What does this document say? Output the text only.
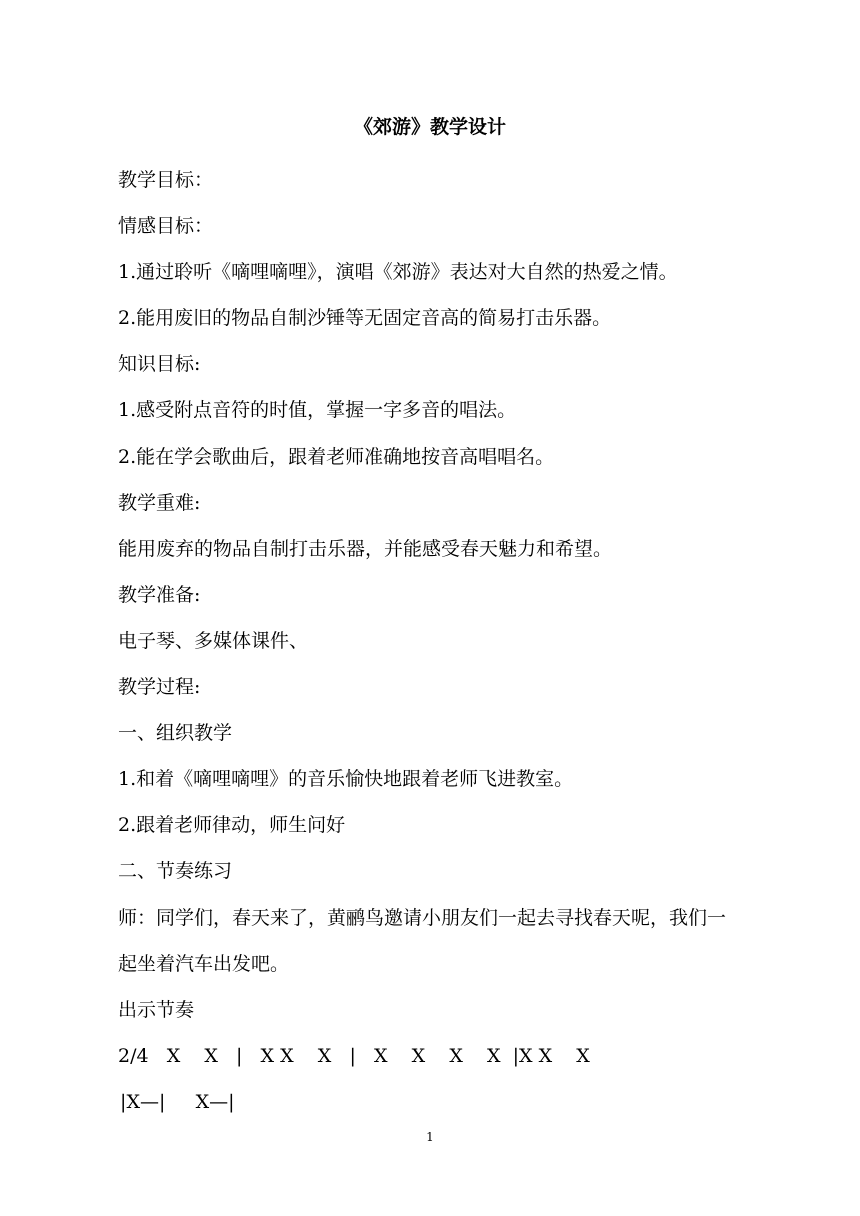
《郊游》教学设计

教学目标：

情感目标：

1.通过聆听《嘀哩嘀哩》，演唱《郊游》表达对大自然的热爱之情。

2.能用废旧的物品自制沙锤等无固定音高的简易打击乐器。

知识目标:

1.感受附点音符的时值，掌握一字多音的唱法。

2.能在学会歌曲后，跟着老师准确地按音高唱唱名。

教学重难:

能用废弃的物品自制打击乐器，并能感受春天魅力和希望。

教学准备:

电子琴、多媒体课件、

教学过程:

一、组织教学

1.和着《嘀哩嘀哩》的音乐愉快地跟着老师飞进教室。

2.跟着老师律动，师生问好

二、节奏练习

师：同学们，春天来了，黄鹂鸟邀请小朋友们一起去寻找春天呢，我们一起坐着汽车出发吧。

出示节奏

2/4   X    X   |   X X    X   |   X    X    X    X  |X X    X

|X—|     X—|

1
